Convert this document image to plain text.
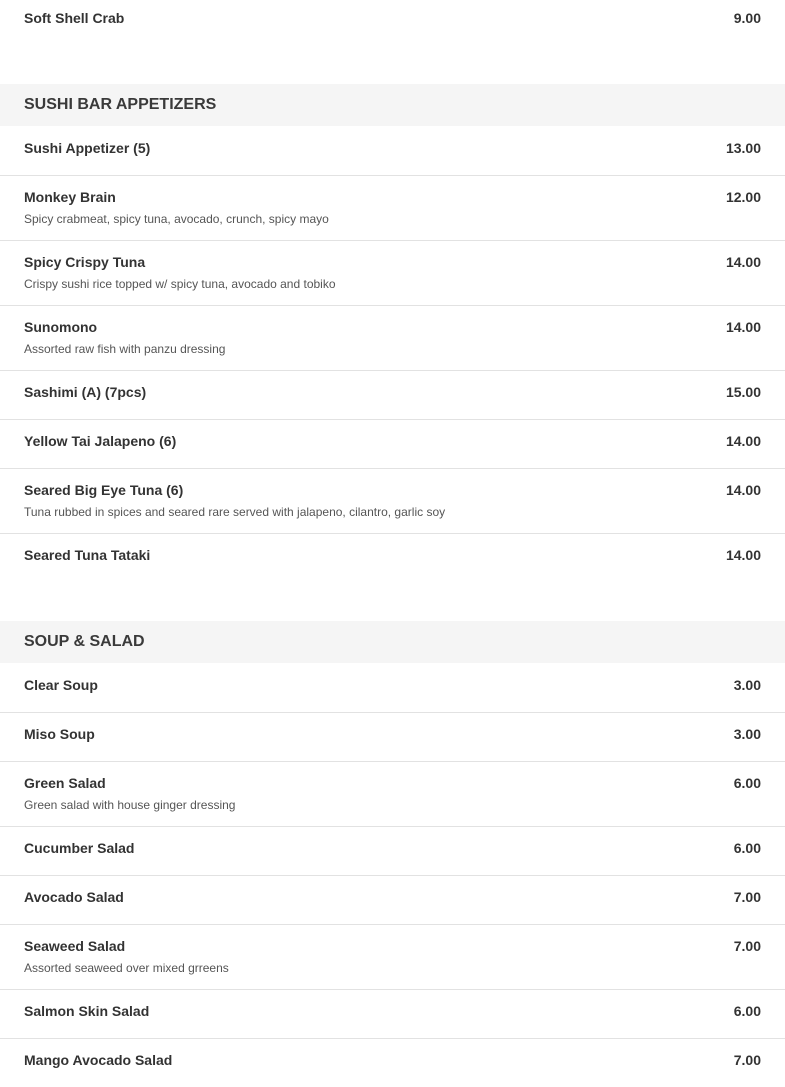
Soft Shell Crab	9.00
SUSHI BAR APPETIZERS
Sushi Appetizer (5)	13.00
Monkey Brain	12.00
Spicy crabmeat, spicy tuna, avocado, crunch, spicy mayo
Spicy Crispy Tuna	14.00
Crispy sushi rice topped w/ spicy tuna, avocado and tobiko
Sunomono	14.00
Assorted raw fish with panzu dressing
Sashimi (A) (7pcs)	15.00
Yellow Tai Jalapeno (6)	14.00
Seared Big Eye Tuna (6)	14.00
Tuna rubbed in spices and seared rare served with jalapeno, cilantro, garlic soy
Seared Tuna Tataki	14.00
SOUP & SALAD
Clear Soup	3.00
Miso Soup	3.00
Green Salad	6.00
Green salad with house ginger dressing
Cucumber Salad	6.00
Avocado Salad	7.00
Seaweed Salad	7.00
Assorted seaweed over mixed grreens
Salmon Skin Salad	6.00
Mango Avocado Salad	7.00
